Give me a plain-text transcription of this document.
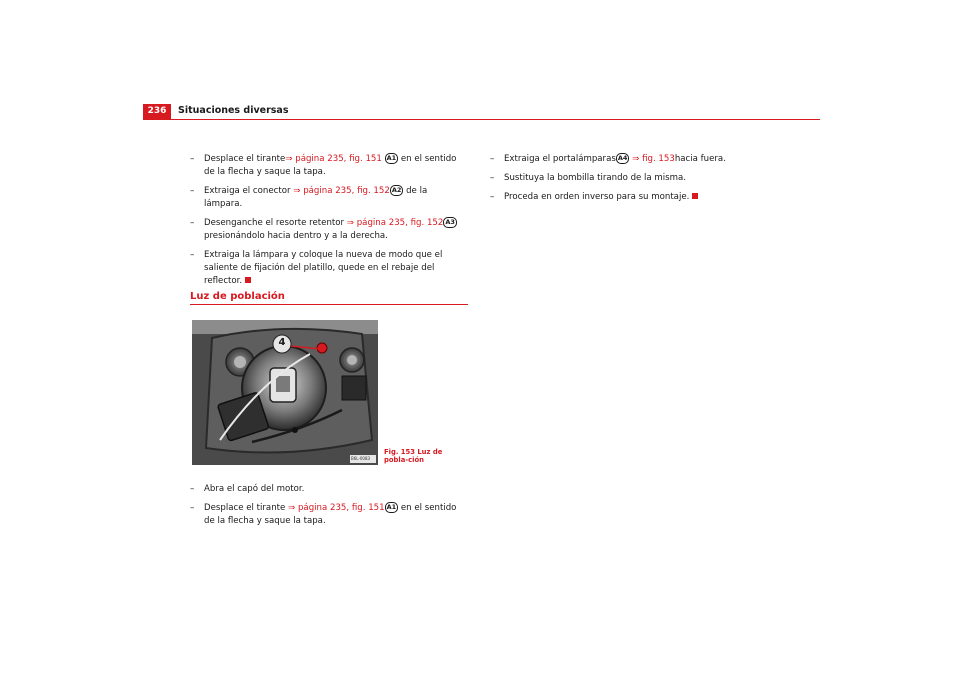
236	Situaciones diversas
– Desplace el tirante⇒ página 235, fig. 151 A1 en el sentido de la flecha y saque la tapa.
– Extraiga el conector ⇒ página 235, fig. 152 A2 de la lámpara.
– Desenganche el resorte retentor ⇒ página 235, fig. 152 A3 presionándolo hacia dentro y a la derecha.
– Extraiga la lámpara y coloque la nueva de modo que el saliente de fijación del platillo, quede en el rebaje del reflector.
Luz de población
4
B6L-0083
Fig. 153 Luz de pobla-ción
– Abra el capó del motor.
– Desplace el tirante ⇒ página 235, fig. 151 A1 en el sentido de la flecha y saque la tapa.
– Extraiga el portalámparas A4 ⇒ fig. 153hacia fuera.
– Sustituya la bombilla tirando de la misma.
– Proceda en orden inverso para su montaje.
